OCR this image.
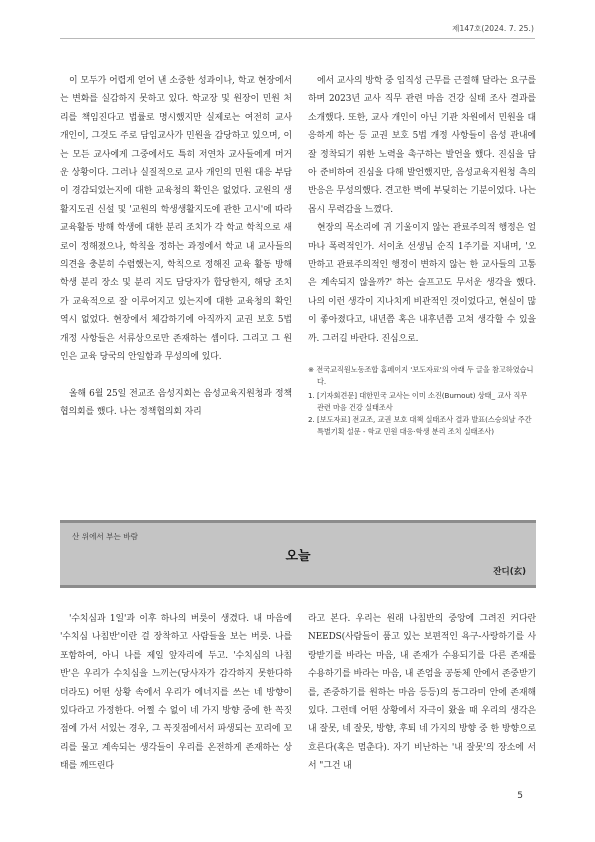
제147호(2024. 7. 25.)

이 모두가 어렵게 얻어 낸 소중한 성과이나, 학교 현장에서는 변화를 실감하지 못하고 있다. 학교장 및 원장이 민원 처리를 책임진다고 법률로 명시했지만 실제로는 여전히 교사 개인이, 그것도 주로 담임교사가 민원을 감당하고 있으며, 이는 모든 교사에게 그중에서도 특히 저연차 교사들에게 머거운 상황이다. 그러나 실질적으로 교사 개인의 민원 대응 부담이 경감되었는지에 대한 교육청의 확인은 없었다. 교원의 생활지도권 신설 및 '교원의 학생생활지도에 관한 고시'에 따라 교육활동 방해 학생에 대한 분리 조치가 각 학교 학칙으로 새로이 정해졌으나, 학칙을 정하는 과정에서 학교 내 교사들의 의견을 충분히 수렴했는지, 학칙으로 정해진 교육 활동 방해 학생 분리 장소 및 분리 지도 담당자가 합당한지, 해당 조치가 교육적으로 잘 이루어지고 있는지에 대한 교육청의 확인 역시 없었다. 현장에서 체감하기에 아직까지 교권 보호 5법 개정 사항들은 서류상으로만 존재하는 셈이다. 그리고 그 원인은 교육 당국의 안일함과 무성의에 있다.

올해 6월 25일 전교조 음성지회는 음성교육지원청과 정책협의회를 했다. 나는 정책협의회 자리

에서 교사의 방학 중 임직성 근무를 근절해 달라는 요구를 하며 2023년 교사 직무 관련 마음 건강 실태 조사 결과를 소개했다. 또한, 교사 개인이 아닌 기관 차원에서 민원을 대응하게 하는 등 교권 보호 5법 개정 사항들이 음성 관내에 잘 정착되기 위한 노력을 촉구하는 발언을 했다. 진심을 담아 준비하여 진심을 다해 발언했지만, 음성교육지원청 측의 반응은 무성의했다. 견고한 벽에 부딪히는 기분이었다. 나는 몹시 무력감을 느꼈다.

현장의 목소리에 귀 기울이지 않는 관료주의적 행정은 얼마나 폭력적인가. 서이초 선생님 순직 1주기를 지내며, '오만하고 관료주의적인 행정이 변하지 않는 한 교사들의 고통은 계속되지 않을까?' 하는 슬프고도 무서운 생각을 했다. 나의 이런 생각이 지나치게 비관적인 것이었다고, 현실이 많이 좋아졌다고, 내년쯤 혹은 내후년쯤 고쳐 생각할 수 있을까. 그러길 바란다. 진심으로.

※ 전국교직원노동조합 홈페이지 '보도자료'의 아래 두 글을 참고하였습니다.
1. [기자회견문] 대한민국 교사는 이미 소진(Burnout) 상태_ 교사 직무 관련 마음 건강 실태조사
2. [보도자료] 전교조, 교권 보호 대책 실태조사 결과 발표(스승의날 주간 특별기획 설문 - 학교 민원 대응·학생 분리 조치 실태조사)
산 위에서 부는 바람
오늘
잔디(玄)

'수치심과 1일'과 이후 하나의 버릇이 생겼다. 내 마음에 '수치심 나침반'이란 걸 장착하고 사람들을 보는 버릇. 나를 포함하여, 아니 나를 제일 앞자리에 두고. '수치심의 나침반'은 우리가 수치심을 느끼는(당사자가 감각하지 못한다하더라도) 어떤 상황 속에서 우리가 에너지를 쓰는 네 방향이 있다라고 가정한다. 어쩔 수 없이 네 가지 방향 중에 한 꼭짓점에 가서 서있는 경우, 그 꼭짓점에서서 파생되는 꼬리에 꼬리를 물고 계속되는 생각들이 우리를 온전하게 존재하는 상태를 깨뜨린다

라고 본다. 우리는 원래 나침반의 중앙에 그려진 커다란 NEEDS(사람들이 품고 있는 보편적인 욕구-사랑하기를 사랑받기를 바라는 마음, 내 존재가 수용되기를 다른 존재를 수용하기를 바라는 마음, 내 존엄을 공동체 안에서 존중받기를, 존중하기를 원하는 마음 등등)의 동그라미 안에 존재해 있다. 그런데 어떤 상황에서 자극이 왔을 때 우리의 생각은 내 잘못, 네 잘못, 방향, 후퇴 네 가지의 방향 중 한 방향으로 흐른다(혹은 멈춘다). 자기 비난하는 '내 잘못'의 장소에 서서 "그건 내

5
